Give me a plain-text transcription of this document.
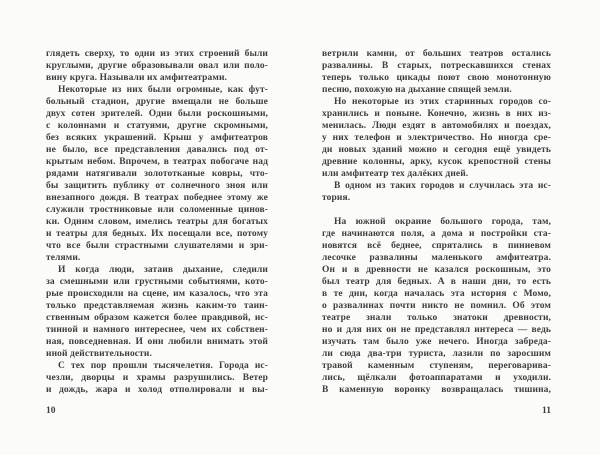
глядеть сверху, то одни из этих строений были
круглыми, другие образовывали овал или поло-
вину круга. Называли их амфитеатрами.
Некоторые из них были огромные, как фут-
больный стадион, другие вмещали не больше
двух сотен зрителей. Одни были роскошными,
с колоннами и статуями, другие скромными,
без всяких украшений. Крыш у амфитеатров
не было, все представления давались под от-
крытым небом. Впрочем, в театрах побогаче над
рядами натягивали золототканые ковры, что-
бы защитить публику от солнечного зноя или
внезапного дождя. В театрах победнее этому же
служили тростниковые или соломенные цинов-
ки. Одним словом, имелись театры для богатых
и театры для бедных. Их посещали все, потому
что все были страстными слушателями и зри-
телями.
И когда люди, затаив дыхание, следили
за смешными или грустными событиями, кото-
рые происходили на сцене, им казалось, что эта
только представляемая жизнь каким-то таин-
ственным образом кажется более правдивой, ис-
тинной и намного интереснее, чем их собствен-
ная, повседневная. И они любили внимать этой
иной действительности.
С тех пор прошли тысячелетия. Города ис-
чезли, дворцы и храмы разрушились. Ветер
и дождь, жара и холод отполировали и вы-
10
ветрили камни, от больших театров остались
развалины. В старых, потрескавшихся стенах
теперь только цикады поют свою монотонную
песню, похожую на дыхание спящей земли.
Но некоторые из этих старинных городов со-
хранились и поныне. Конечно, жизнь в них из-
менилась. Люди ездят в автомобилях и поездах,
у них телефон и электричество. Но иногда сре-
ди новых зданий можно и сегодня ещё увидеть
древние колонны, арку, кусок крепостной стены
или амфитеатр тех далёких дней.
В одном из таких городов и случилась эта ис-
тория.
На южной окраине большого города, там,
где начинаются поля, а дома и постройки ста-
новятся всё беднее, спрятались в пиниевом
лесочке развалины маленького амфитеатра.
Он и в древности не казался роскошным, это
был театр для бедных. А в наши дни, то есть
в те дни, когда началась эта история с Момо,
о развалинах почти никто не помнил. Об этом
театре знали только знатоки древности,
но и для них он не представлял интереса — ведь
изучать там было уже нечего. Иногда забреда-
ли сюда два-три туриста, лазили по заросшим
травой каменным ступеням, переговарива-
лись, щёлкали фотоаппаратами и уходили.
В каменную воронку возвращалась тишина,
11
